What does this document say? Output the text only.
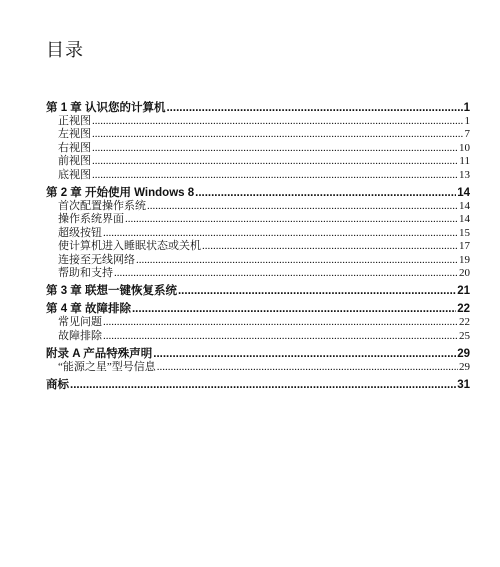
目录
第 1 章 认识您的计算机 .....	1
正视图 .....	1
左视图 .....	7
右视图 .....	10
前视图 .....	11
底视图 .....	13
第 2 章 开始使用 Windows 8 .....	14
首次配置操作系统 .....	14
操作系统界面 .....	14
超级按钮 .....	15
使计算机进入睡眠状态或关机 .....	17
连接至无线网络 .....	19
帮助和支持 .....	20
第 3 章 联想一键恢复系统 .....	21
第 4 章 故障排除 .....	22
常见问题 .....	22
故障排除 .....	25
附录 A 产品特殊声明 .....	29
“能源之星”型号信息 .....	29
商标 .....	31
